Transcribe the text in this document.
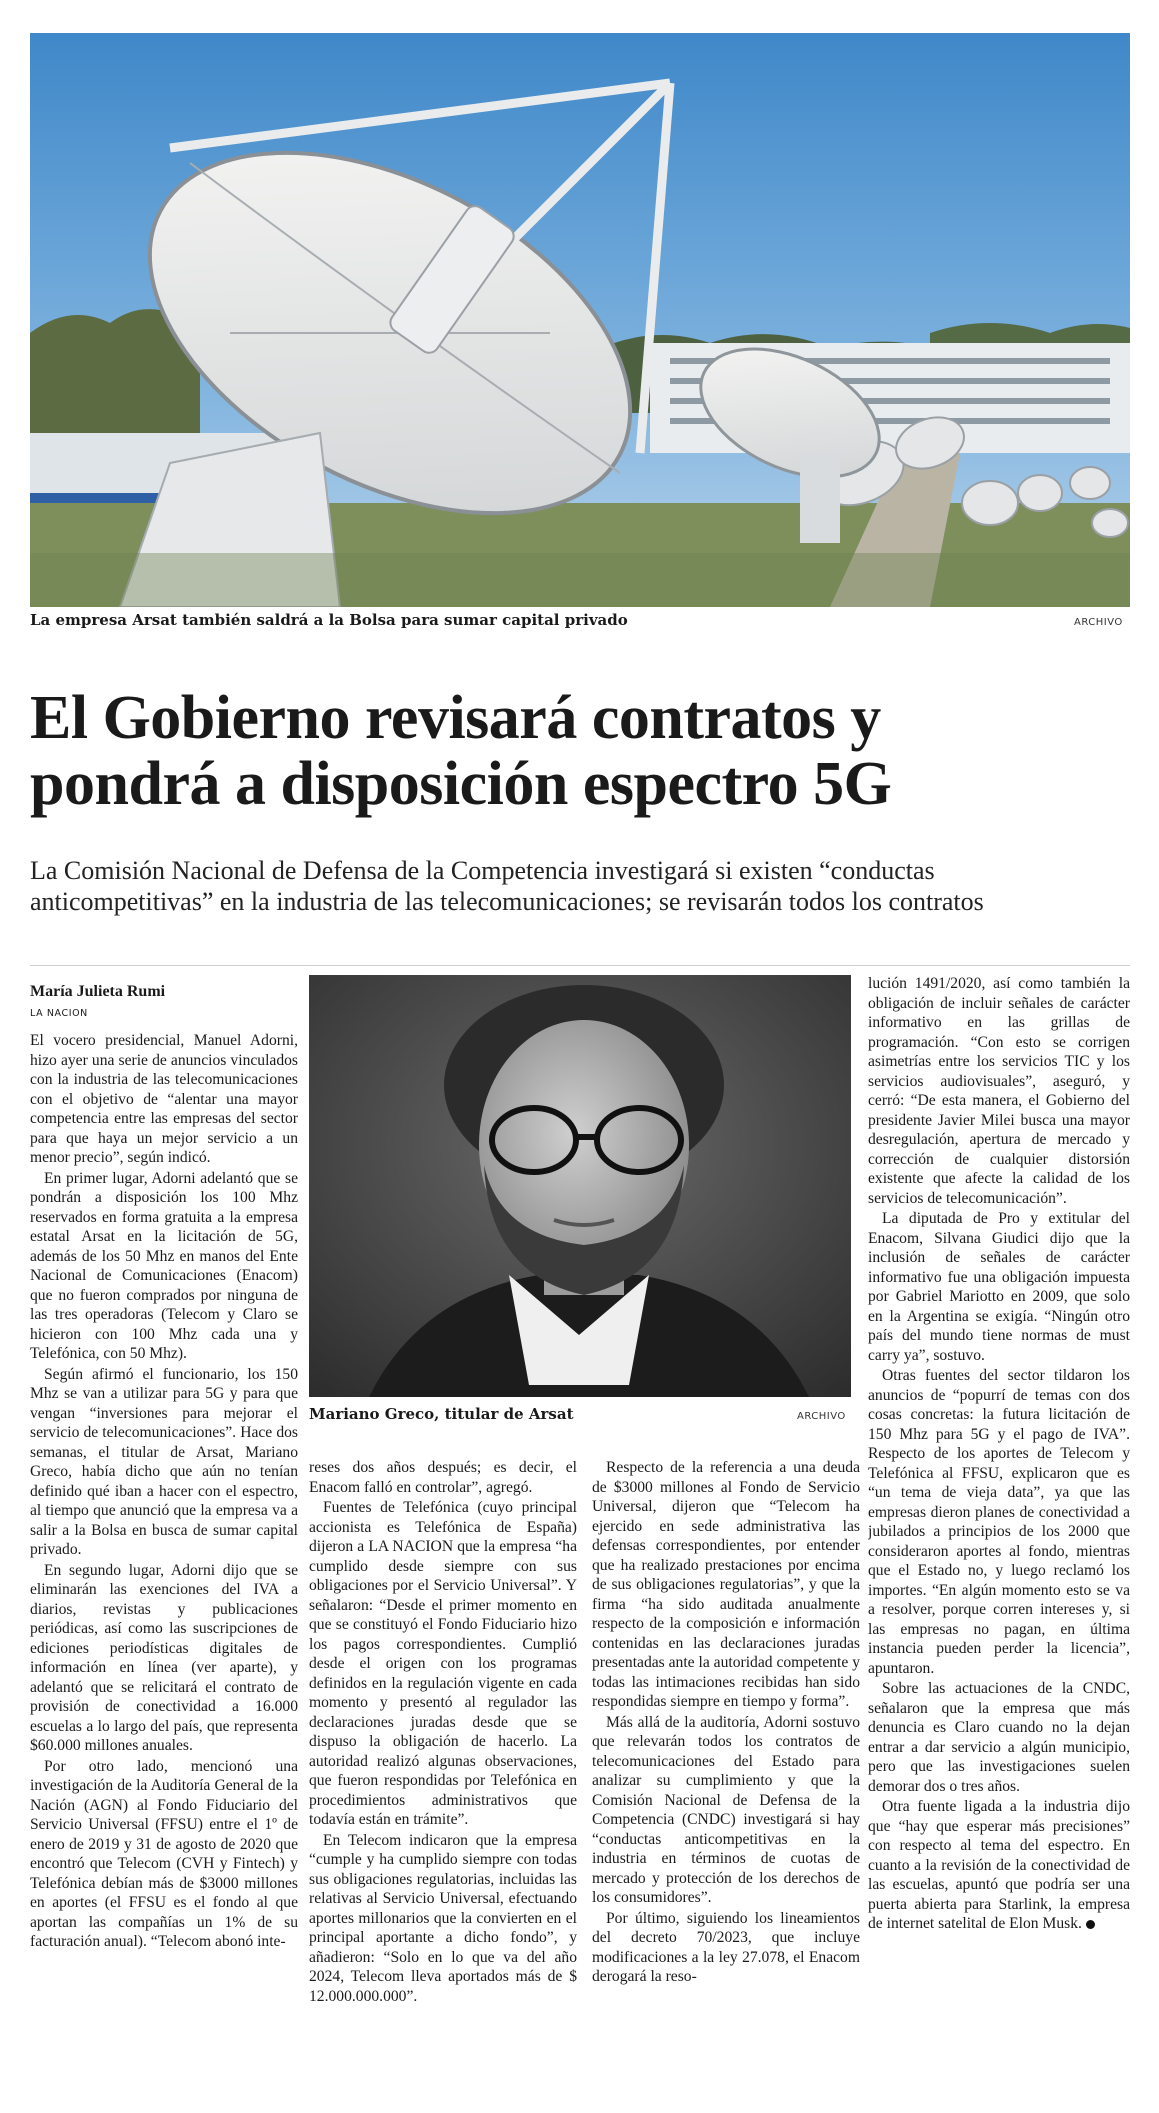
La empresa Arsat también saldrá a la Bolsa para sumar capital privado	ARCHIVO
El Gobierno revisará contratos y
pondrá a disposición espectro 5G
La Comisión Nacional de Defensa de la Competencia investigará si existen “conductas
anticompetitivas” en la industria de las telecomunicaciones; se revisarán todos los contratos
María Julieta Rumi
LA NACION

El vocero presidencial, Manuel Adorni, hizo ayer una serie de anuncios vinculados con la industria de las telecomunicaciones con el objetivo de “alentar una mayor competencia entre las empresas del sector para que haya un mejor servicio a un menor precio”, según indicó.

En primer lugar, Adorni adelantó que se pondrán a disposición los 100 Mhz reservados en forma gratuita a la empresa estatal Arsat en la licitación de 5G, además de los 50 Mhz en manos del Ente Nacional de Comunicaciones (Enacom) que no fueron comprados por ninguna de las tres operadoras (Telecom y Claro se hicieron con 100 Mhz cada una y Telefónica, con 50 Mhz).

Según afirmó el funcionario, los 150 Mhz se van a utilizar para 5G y para que vengan “inversiones para mejorar el servicio de telecomunicaciones”. Hace dos semanas, el titular de Arsat, Mariano Greco, había dicho que aún no tenían definido qué iban a hacer con el espectro, al tiempo que anunció que la empresa va a salir a la Bolsa en busca de sumar capital privado.

En segundo lugar, Adorni dijo que se eliminarán las exenciones del IVA a diarios, revistas y publicaciones periódicas, así como las suscripciones de ediciones periodísticas digitales de información en línea (ver aparte), y adelantó que se relicitará el contrato de provisión de conectividad a 16.000 escuelas a lo largo del país, que representa $60.000 millones anuales.

Por otro lado, mencionó una investigación de la Auditoría General de la Nación (AGN) al Fondo Fiduciario del Servicio Universal (FFSU) entre el 1º de enero de 2019 y 31 de agosto de 2020 que encontró que Telecom (CVH y Fintech) y Telefónica debían más de $3000 millones en aportes (el FFSU es el fondo al que aportan las compañías un 1% de su facturación anual). “Telecom abonó inte-

Mariano Greco, titular de Arsat	ARCHIVO

reses dos años después; es decir, el Enacom falló en controlar”, agregó.

Fuentes de Telefónica (cuyo principal accionista es Telefónica de España) dijeron a LA NACION que la empresa “ha cumplido desde siempre con sus obligaciones por el Servicio Universal”. Y señalaron: “Desde el primer momento en que se constituyó el Fondo Fiduciario hizo los pagos correspondientes. Cumplió desde el origen con los programas definidos en la regulación vigente en cada momento y presentó al regulador las declaraciones juradas desde que se dispuso la obligación de hacerlo. La autoridad realizó algunas observaciones, que fueron respondidas por Telefónica en procedimientos administrativos que todavía están en trámite”.

En Telecom indicaron que la empresa “cumple y ha cumplido siempre con todas sus obligaciones regulatorias, incluidas las relativas al Servicio Universal, efectuando aportes millonarios que la convierten en el principal aportante a dicho fondo”, y añadieron: “Solo en lo que va del año 2024, Telecom lleva aportados más de $ 12.000.000.000”.

Respecto de la referencia a una deuda de $3000 millones al Fondo de Servicio Universal, dijeron que “Telecom ha ejercido en sede administrativa las defensas correspondientes, por entender que ha realizado prestaciones por encima de sus obligaciones regulatorias”, y que la firma “ha sido auditada anualmente respecto de la composición e información contenidas en las declaraciones juradas presentadas ante la autoridad competente y todas las intimaciones recibidas han sido respondidas siempre en tiempo y forma”.

Más allá de la auditoría, Adorni sostuvo que relevarán todos los contratos de telecomunicaciones del Estado para analizar su cumplimiento y que la Comisión Nacional de Defensa de la Competencia (CNDC) investigará si hay “conductas anticompetitivas en la industria en términos de cuotas de mercado y protección de los derechos de los consumidores”.

Por último, siguiendo los lineamientos del decreto 70/2023, que incluye modificaciones a la ley 27.078, el Enacom derogará la reso-

lución 1491/2020, así como también la obligación de incluir señales de carácter informativo en las grillas de programación. “Con esto se corrigen asimetrías entre los servicios TIC y los servicios audiovisuales”, aseguró, y cerró: “De esta manera, el Gobierno del presidente Javier Milei busca una mayor desregulación, apertura de mercado y corrección de cualquier distorsión existente que afecte la calidad de los servicios de telecomunicación”.

La diputada de Pro y extitular del Enacom, Silvana Giudici dijo que la inclusión de señales de carácter informativo fue una obligación impuesta por Gabriel Mariotto en 2009, que solo en la Argentina se exigía. “Ningún otro país del mundo tiene normas de must carry ya”, sostuvo.

Otras fuentes del sector tildaron los anuncios de “popurrí de temas con dos cosas concretas: la futura licitación de 150 Mhz para 5G y el pago de IVA”. Respecto de los aportes de Telecom y Telefónica al FFSU, explicaron que es “un tema de vieja data”, ya que las empresas dieron planes de conectividad a jubilados a principios de los 2000 que consideraron aportes al fondo, mientras que el Estado no, y luego reclamó los importes. “En algún momento esto se va a resolver, porque corren intereses y, si las empresas no pagan, en última instancia pueden perder la licencia”, apuntaron.

Sobre las actuaciones de la CNDC, señalaron que la empresa que más denuncia es Claro cuando no la dejan entrar a dar servicio a algún municipio, pero que las investigaciones suelen demorar dos o tres años.

Otra fuente ligada a la industria dijo que “hay que esperar más precisiones” con respecto al tema del espectro. En cuanto a la revisión de la conectividad de las escuelas, apuntó que podría ser una puerta abierta para Starlink, la empresa de internet satelital de Elon Musk.
